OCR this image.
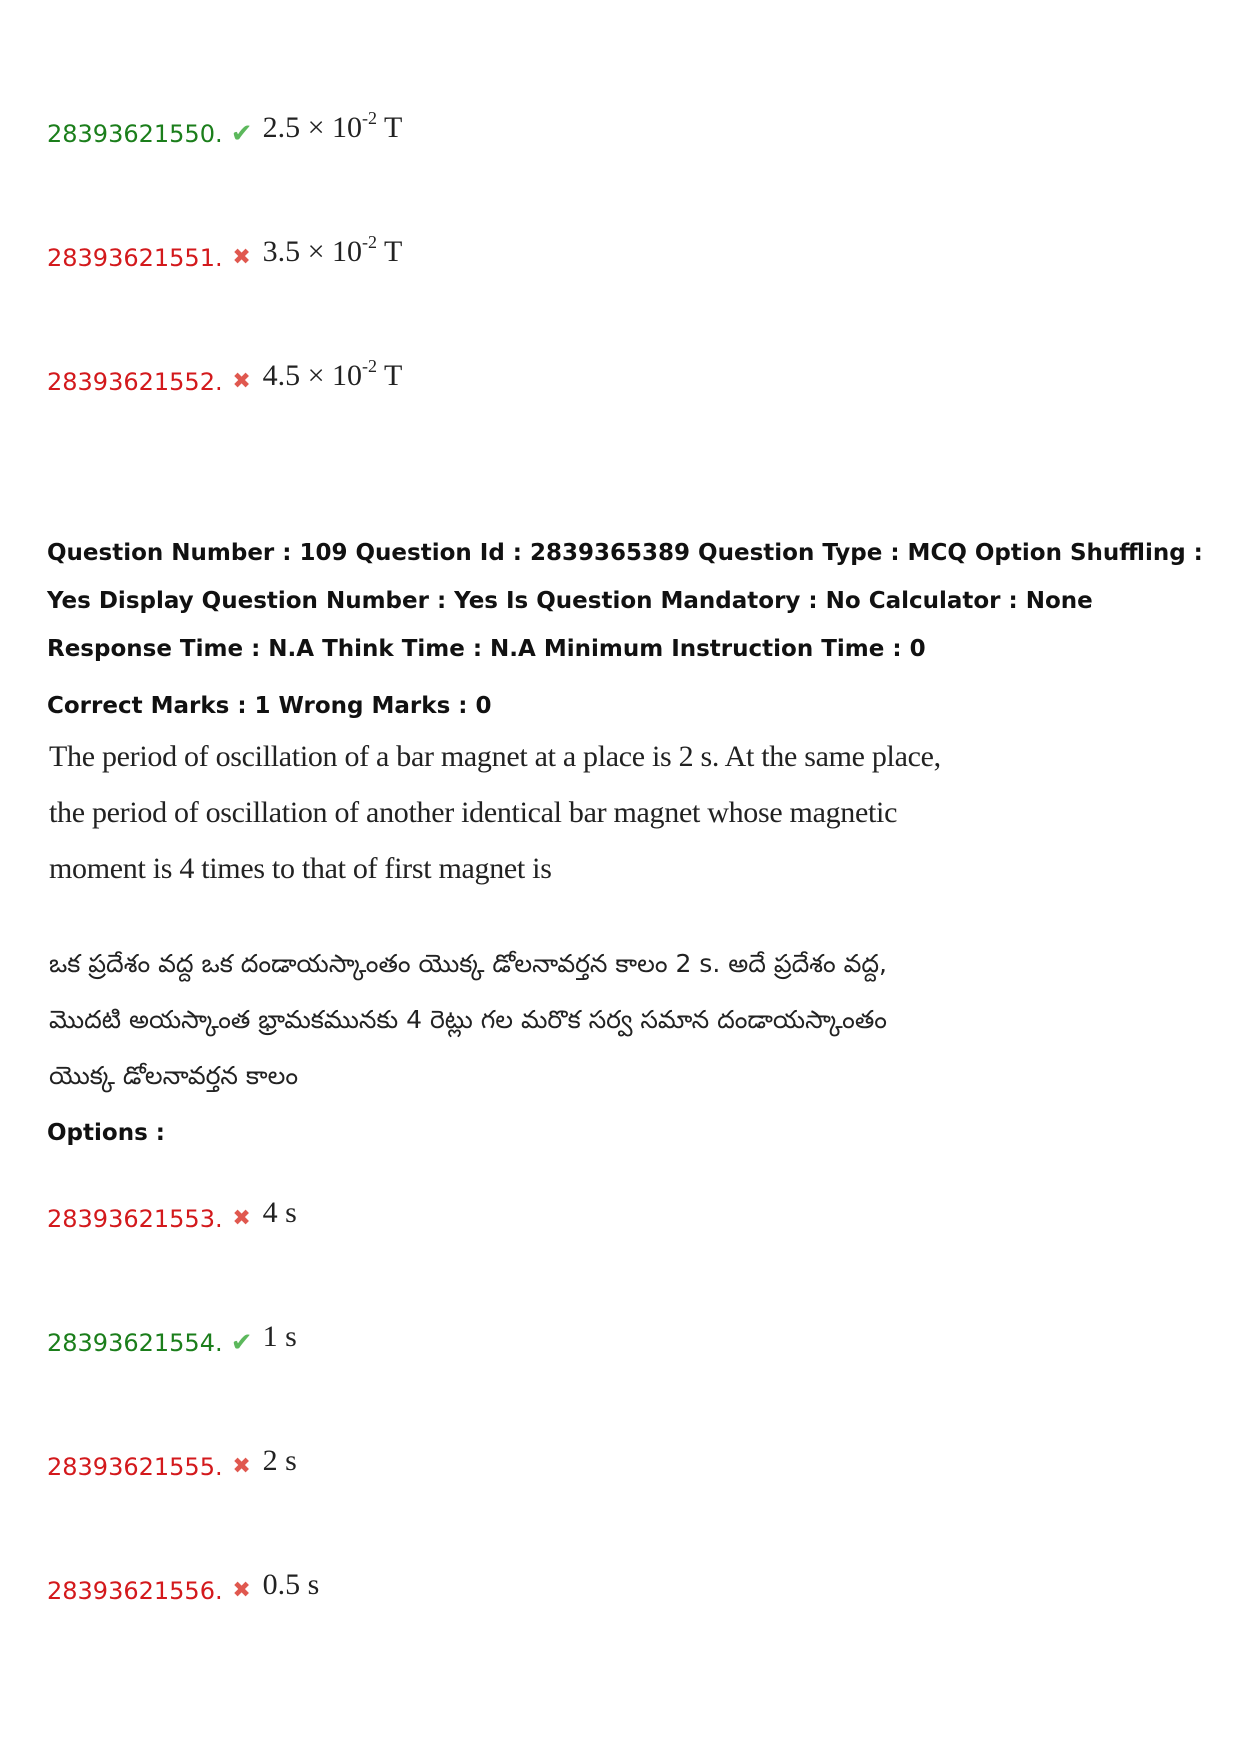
28393621550. ✔ $2.5 \times 10^{-2}$ T
28393621551. ✖ $3.5 \times 10^{-2}$ T
28393621552. ✖ $4.5 \times 10^{-2}$ T
Question Number : 109 Question Id : 2839365389 Question Type : MCQ Option Shuffling : Yes Display Question Number : Yes Is Question Mandatory : No Calculator : None Response Time : N.A Think Time : N.A Minimum Instruction Time : 0
Correct Marks : 1 Wrong Marks : 0
The period of oscillation of a bar magnet at a place is 2 s. At the same place, the period of oscillation of another identical bar magnet whose magnetic moment is 4 times to that of first magnet is
ఒక ప్రదేశం వద్ద ఒక దండాయస్కాంతం యొక్క డోలనావర్తన కాలం 2 s. అదే ప్రదేశం వద్ద, మొదటి అయస్కాంత భ్రామకమునకు 4 రెట్లు గల మరొక సర్వ సమాన దండాయస్కాంతం యొక్క డోలనావర్తన కాలం
Options :
28393621553. ✖ 4 s
28393621554. ✔ 1 s
28393621555. ✖ 2 s
28393621556. ✖ 0.5 s
